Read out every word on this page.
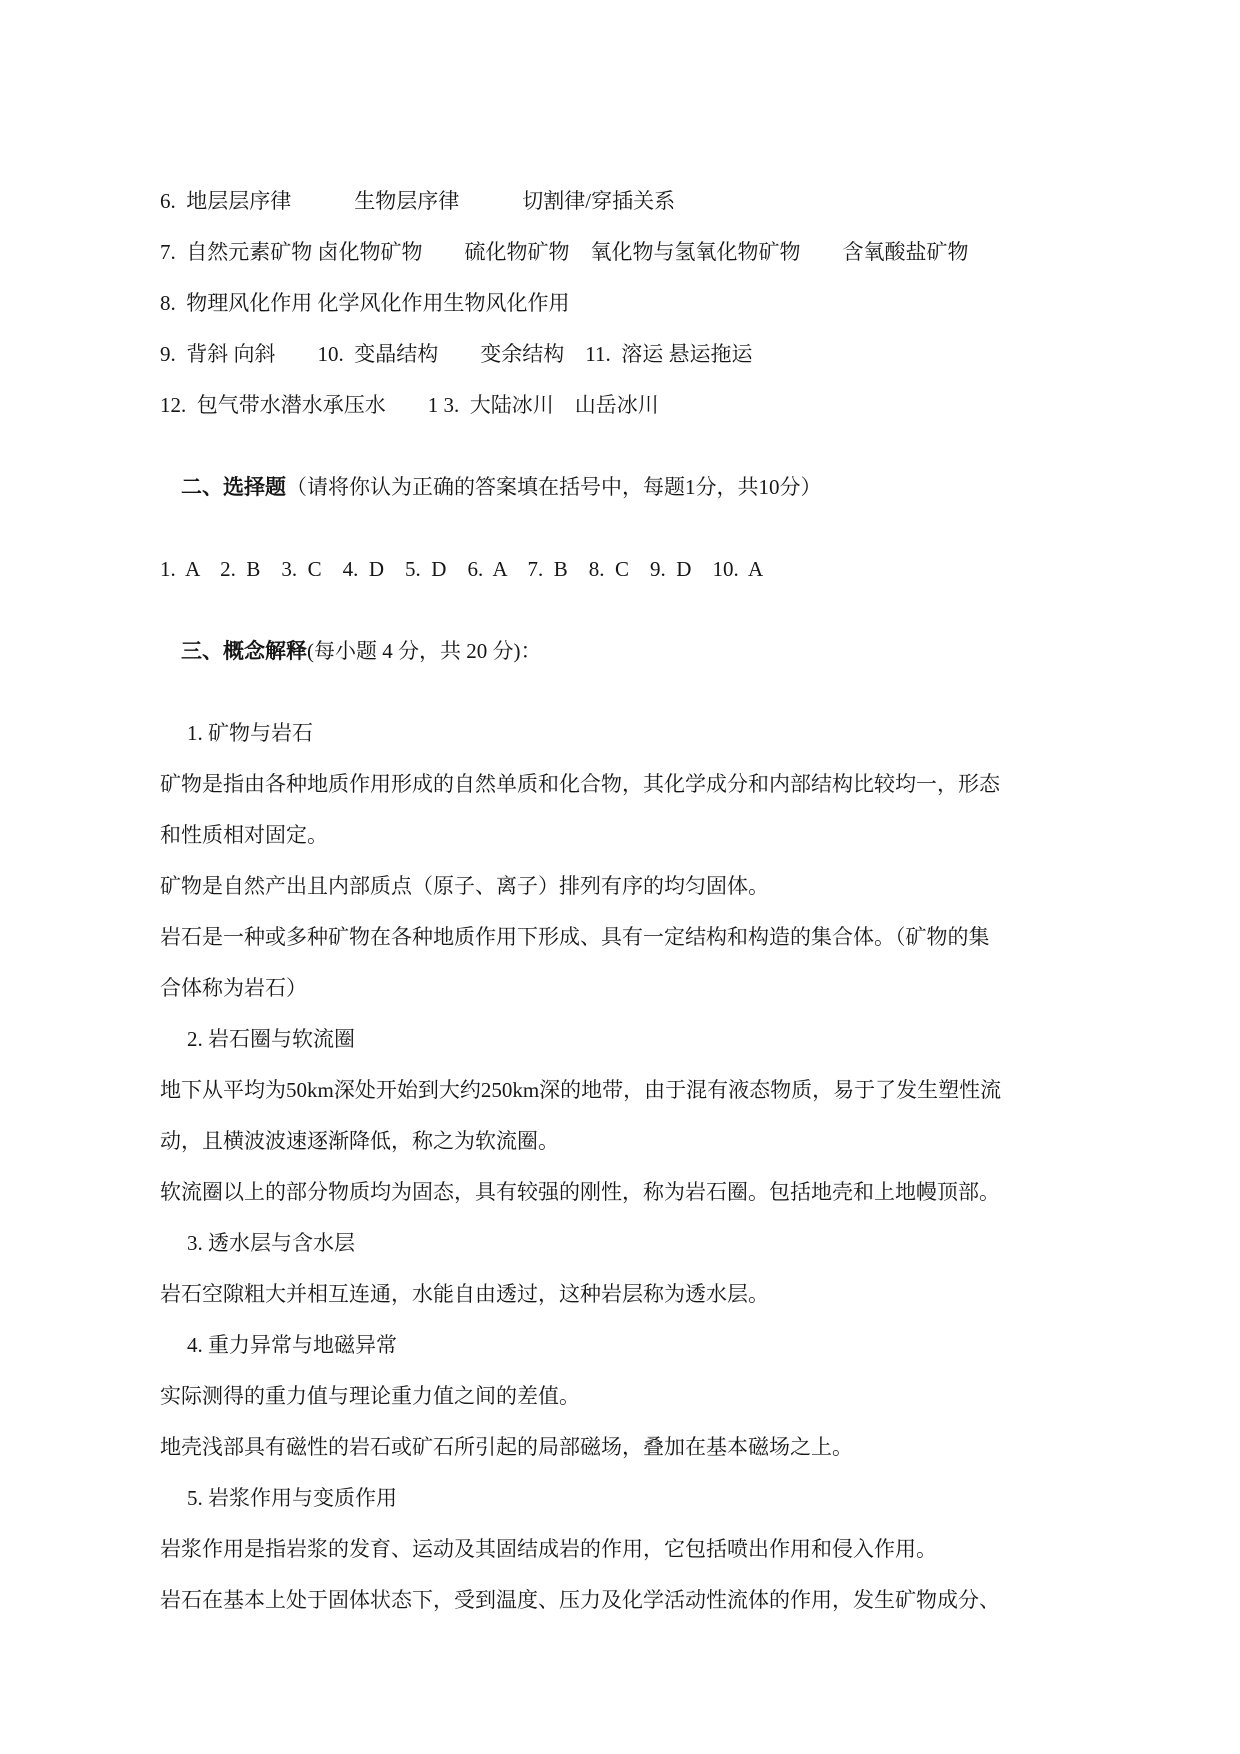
6.  地层层序律　　　生物层序律　　　切割律/穿插关系
7.  自然元素矿物 卤化物矿物　　硫化物矿物　氧化物与氢氧化物矿物　　含氧酸盐矿物
8.  物理风化作用 化学风化作用生物风化作用
9.  背斜 向斜　　10.  变晶结构　　变余结构　11.  溶运 悬运拖运
12.  包气带水潜水承压水　　1 3.  大陆冰川　山岳冰川

二、选择题（请将你认为正确的答案填在括号中，每题1分，共10分）

1.  A    2.  B    3.  C    4.  D    5.  D    6.  A    7.  B    8.  C    9.  D    10.  A

三、概念解释(每小题 4 分，共 20 分)：

1. 矿物与岩石
矿物是指由各种地质作用形成的自然单质和化合物，其化学成分和内部结构比较均一，形态
和性质相对固定。
矿物是自然产出且内部质点（原子、离子）排列有序的均匀固体。
岩石是一种或多种矿物在各种地质作用下形成、具有一定结构和构造的集合体。（矿物的集
合体称为岩石）
2. 岩石圈与软流圈
地下从平均为50km深处开始到大约250km深的地带，由于混有液态物质，易于了发生塑性流
动，且横波波速逐渐降低，称之为软流圈。
软流圈以上的部分物质均为固态，具有较强的刚性，称为岩石圈。包括地壳和上地幔顶部。
3. 透水层与含水层
岩石空隙粗大并相互连通，水能自由透过，这种岩层称为透水层。
4. 重力异常与地磁异常
实际测得的重力值与理论重力值之间的差值。
地壳浅部具有磁性的岩石或矿石所引起的局部磁场，叠加在基本磁场之上。
5. 岩浆作用与变质作用
岩浆作用是指岩浆的发育、运动及其固结成岩的作用，它包括喷出作用和侵入作用。
岩石在基本上处于固体状态下，受到温度、压力及化学活动性流体的作用，发生矿物成分、
